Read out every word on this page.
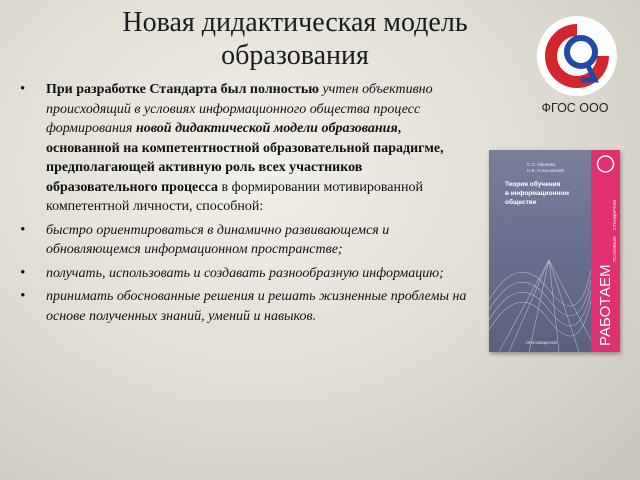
Новая дидактическая модель
образования
• При разработке Стандарта был полностью учтен объективно происходящий в условиях информационного общества процесс формирования новой дидактической модели образования, основанной на компетентностной образовательной парадигме, предполагающей активную роль всех участников образовательного процесса в формировании мотивированной компетентной личности, способной:
• быстро ориентироваться в динамично развивающемся и обновляющемся информационном пространстве;
• получать, использовать и создавать разнообразную информацию;
• принимать обоснованные решения и решать жизненные проблемы на основе полученных знаний, умений и навыков.
ФГОС ООО
С.О. Ивнеева
Н.В. Соколовский
Теория обучения
в информационном
обществе
ПРОСВЕЩЕНИЕ	РАБОТАЕМ
ПО НОВЫМ
СТАНДАРТАМ
